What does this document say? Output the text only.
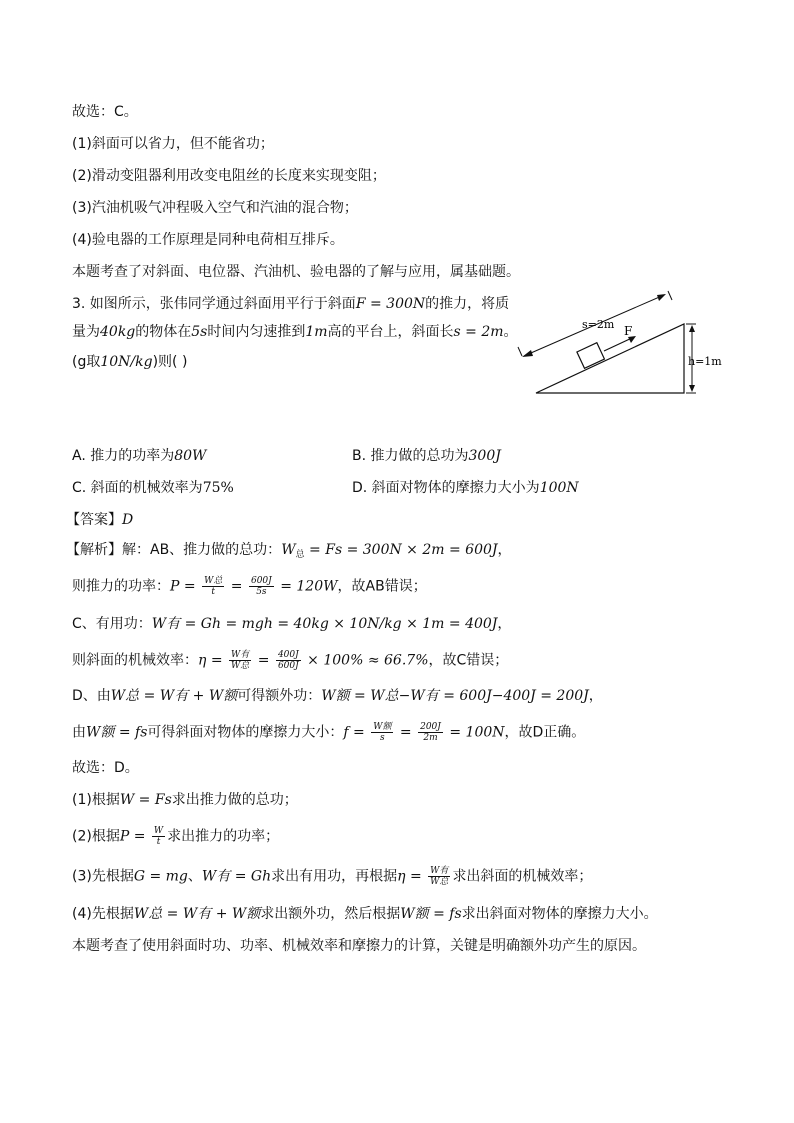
故选：C。
(1)斜面可以省力，但不能省功；
(2)滑动变阻器利用改变电阻丝的长度来实现变阻；
(3)汽油机吸气冲程吸入空气和汽油的混合物；
(4)验电器的工作原理是同种电荷相互排斥。
本题考查了对斜面、电位器、汽油机、验电器的了解与应用，属基础题。
3. 如图所示，张伟同学通过斜面用平行于斜面F = 300N的推力，将质
量为40kg的物体在5s时间内匀速推到1m高的平台上，斜面长s = 2m。
(g取10N/kg)则( )
F
s=2m
h=1m
A. 推力的功率为80W	B. 推力做的总功为300J
C. 斜面的机械效率为75%	D. 斜面对物体的摩擦力大小为100N
【答案】D
【解析】解：AB、推力做的总功：$W_总 = Fs = 300N \times 2m = 600J$，
则推力的功率：$P = \frac{\text{W总}}{t} = \frac{600J}{5s} = 120W$，故AB错误；
C、有用功：W有 = Gh = mgh = 40kg × 10N/kg × 1m = 400J，
则斜面的机械效率：$\eta = \frac{\text{W有}}{\text{W总}} = \frac{400J}{600J} \times 100\% \approx 66.7\%$，故C错误；
D、由W总 = W有 + W额可得额外功：W额 = W总−W有 = 600J−400J = 200J，
由W额 = fs可得斜面对物体的摩擦力大小：$f = \frac{\text{W额}}{s} = \frac{200J}{2m} = 100N$，故D正确。
故选：D。
(1)根据W = Fs求出推力做的总功；
(2)根据$P = \frac{W}{t}$ 求出推力的功率；
(3)先根据G = mg、W有 = Gh求出有用功，再根据$\eta = \frac{\text{W有}}{\text{W总}}$ 求出斜面的机械效率；
(4)先根据W总 = W有 + W额求出额外功，然后根据W额 = fs求出斜面对物体的摩擦力大小。
本题考查了使用斜面时功、功率、机械效率和摩擦力的计算，关键是明确额外功产生的原因。
